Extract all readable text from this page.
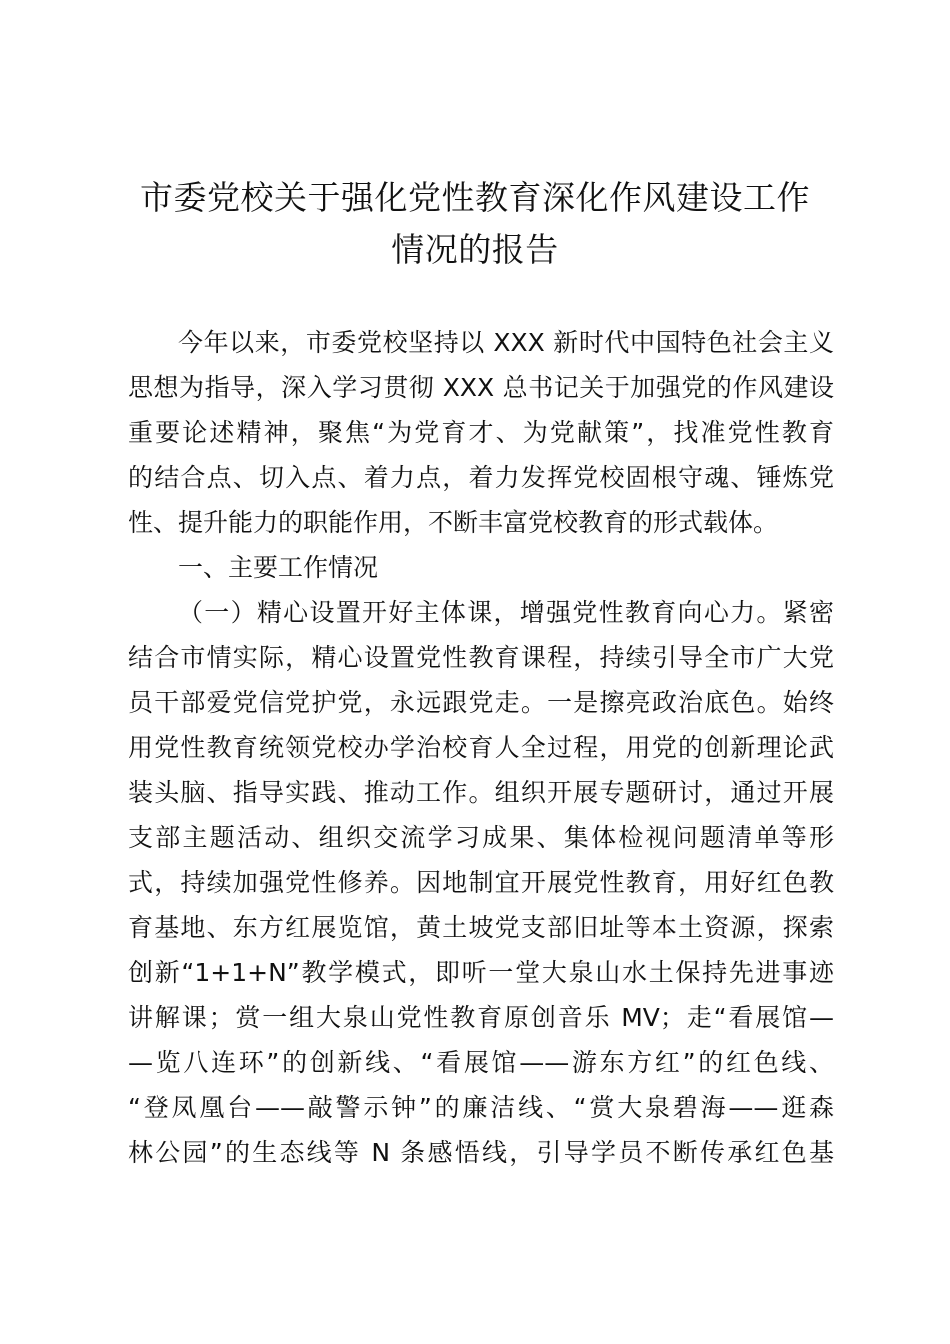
市委党校关于强化党性教育深化作风建设工作
情况的报告
今年以来，市委党校坚持以 XXX 新时代中国特色社会主义
思想为指导，深入学习贯彻 XXX 总书记关于加强党的作风建设
重要论述精神，聚焦“为党育才、为党献策”，找准党性教育
的结合点、切入点、着力点，着力发挥党校固根守魂、锤炼党
性、提升能力的职能作用，不断丰富党校教育的形式载体。
一、主要工作情况
（一）精心设置开好主体课，增强党性教育向心力。紧密
结合市情实际，精心设置党性教育课程，持续引导全市广大党
员干部爱党信党护党，永远跟党走。一是擦亮政治底色。始终
用党性教育统领党校办学治校育人全过程，用党的创新理论武
装头脑、指导实践、推动工作。组织开展专题研讨，通过开展
支部主题活动、组织交流学习成果、集体检视问题清单等形
式，持续加强党性修养。因地制宜开展党性教育，用好红色教
育基地、东方红展览馆，黄土坡党支部旧址等本土资源，探索
创新“1+1+N”教学模式，即听一堂大泉山水土保持先进事迹
讲解课；赏一组大泉山党性教育原创音乐 MV；走“看展馆—
—览八连环”的创新线、“看展馆——游东方红”的红色线、
“登凤凰台——敲警示钟”的廉洁线、“赏大泉碧海——逛森
林公园”的生态线等 N 条感悟线，引导学员不断传承红色基
